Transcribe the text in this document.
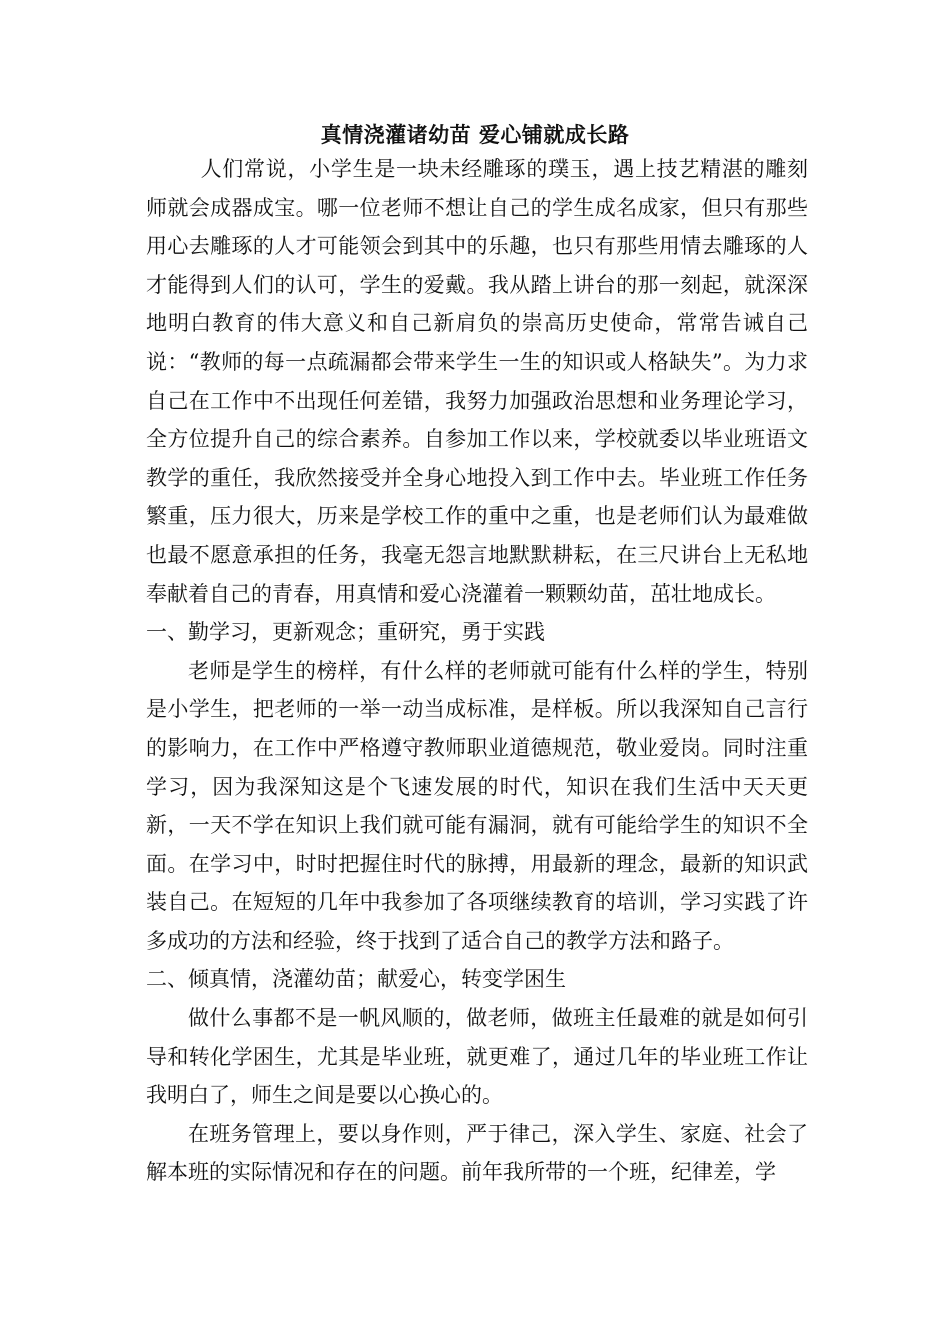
真情浇灌诸幼苗 爱心铺就成长路

人们常说，小学生是一块未经雕琢的璞玉，遇上技艺精湛的雕刻师就会成器成宝。哪一位老师不想让自己的学生成名成家，但只有那些用心去雕琢的人才可能领会到其中的乐趣，也只有那些用情去雕琢的人才能得到人们的认可，学生的爱戴。我从踏上讲台的那一刻起，就深深地明白教育的伟大意义和自己新肩负的崇高历史使命，常常告诫自己说：“教师的每一点疏漏都会带来学生一生的知识或人格缺失”。为力求自己在工作中不出现任何差错，我努力加强政治思想和业务理论学习，全方位提升自己的综合素养。自参加工作以来，学校就委以毕业班语文教学的重任，我欣然接受并全身心地投入到工作中去。毕业班工作任务繁重，压力很大，历来是学校工作的重中之重，也是老师们认为最难做也最不愿意承担的任务，我毫无怨言地默默耕耘，在三尺讲台上无私地奉献着自己的青春，用真情和爱心浇灌着一颗颗幼苗，茁壮地成长。

一、勤学习，更新观念；重研究，勇于实践

老师是学生的榜样，有什么样的老师就可能有什么样的学生，特别是小学生，把老师的一举一动当成标准，是样板。所以我深知自己言行的影响力，在工作中严格遵守教师职业道德规范，敬业爱岗。同时注重学习，因为我深知这是个飞速发展的时代，知识在我们生活中天天更新，一天不学在知识上我们就可能有漏洞，就有可能给学生的知识不全面。在学习中，时时把握住时代的脉搏，用最新的理念，最新的知识武装自己。在短短的几年中我参加了各项继续教育的培训，学习实践了许多成功的方法和经验，终于找到了适合自己的教学方法和路子。

二、倾真情，浇灌幼苗；献爱心，转变学困生

做什么事都不是一帆风顺的，做老师，做班主任最难的就是如何引导和转化学困生，尤其是毕业班，就更难了，通过几年的毕业班工作让我明白了，师生之间是要以心换心的。

在班务管理上，要以身作则，严于律己，深入学生、家庭、社会了解本班的实际情况和存在的问题。前年我所带的一个班，纪律差，学
